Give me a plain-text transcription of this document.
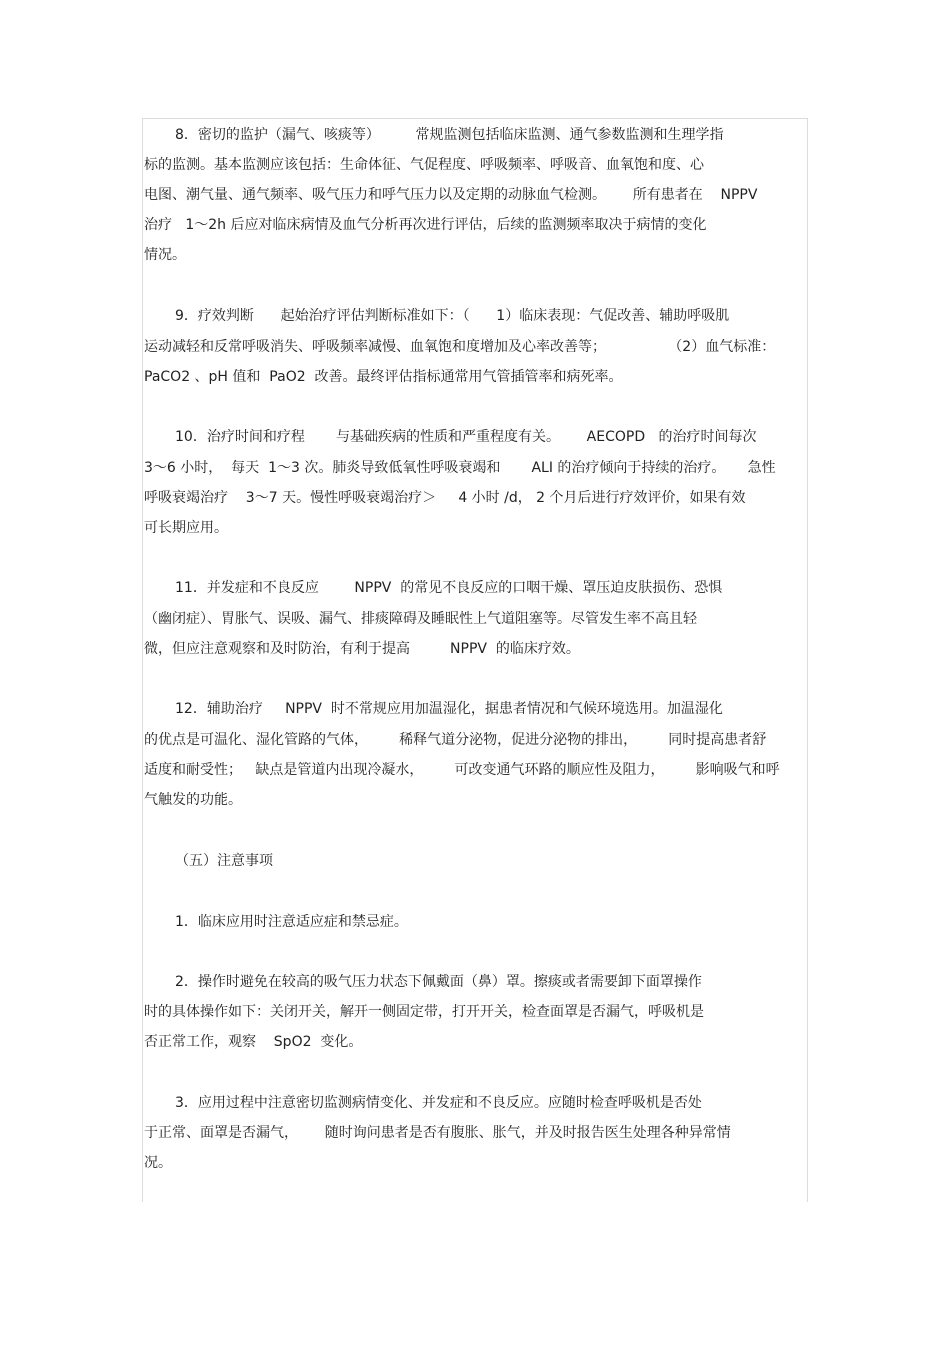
8．密切的监护（漏气、咳痰等）        常规监测包括临床监测、通气参数监测和生理学指
标的监测。基本监测应该包括：生命体征、气促程度、呼吸频率、呼吸音、血氧饱和度、心
电图、潮气量、通气频率、吸气压力和呼气压力以及定期的动脉血气检测。      所有患者在    NPPV
治疗   1～2h 后应对临床病情及血气分析再次进行评估，后续的监测频率取决于病情的变化
情况。
9．疗效判断      起始治疗评估判断标准如下：（      1）临床表现：气促改善、辅助呼吸肌
运动减轻和反常呼吸消失、呼吸频率减慢、血氧饱和度增加及心率改善等；              （2）血气标准：
PaCO2 、pH 值和  PaO2  改善。最终评估指标通常用气管插管率和病死率。
10．治疗时间和疗程       与基础疾病的性质和严重程度有关。      AECOPD   的治疗时间每次
3～6 小时，  每天  1～3 次。肺炎导致低氧性呼吸衰竭和       ALI 的治疗倾向于持续的治疗。     急性
呼吸衰竭治疗    3～7 天。慢性呼吸衰竭治疗＞     4 小时 /d， 2 个月后进行疗效评价，如果有效
可长期应用。
11．并发症和不良反应        NPPV  的常见不良反应的口咽干燥、罩压迫皮肤损伤、恐惧
（幽闭症）、胃胀气、误吸、漏气、排痰障碍及睡眠性上气道阻塞等。尽管发生率不高且轻
微，但应注意观察和及时防治，有利于提高         NPPV  的临床疗效。
12．辅助治疗     NPPV  时不常规应用加温湿化，据患者情况和气候环境选用。加温湿化
的优点是可温化、湿化管路的气体，       稀释气道分泌物，促进分泌物的排出，       同时提高患者舒
适度和耐受性；   缺点是管道内出现冷凝水，       可改变通气环路的顺应性及阻力，       影响吸气和呼
气触发的功能。
（五）注意事项
1．临床应用时注意适应症和禁忌症。
2．操作时避免在较高的吸气压力状态下佩戴面（鼻）罩。擦痰或者需要卸下面罩操作
时的具体操作如下：关闭开关，解开一侧固定带，打开开关，检查面罩是否漏气，呼吸机是
否正常工作，观察    SpO2  变化。
3．应用过程中注意密切监测病情变化、并发症和不良反应。应随时检查呼吸机是否处
于正常、面罩是否漏气，      随时询问患者是否有腹胀、胀气，并及时报告医生处理各种异常情
况。
